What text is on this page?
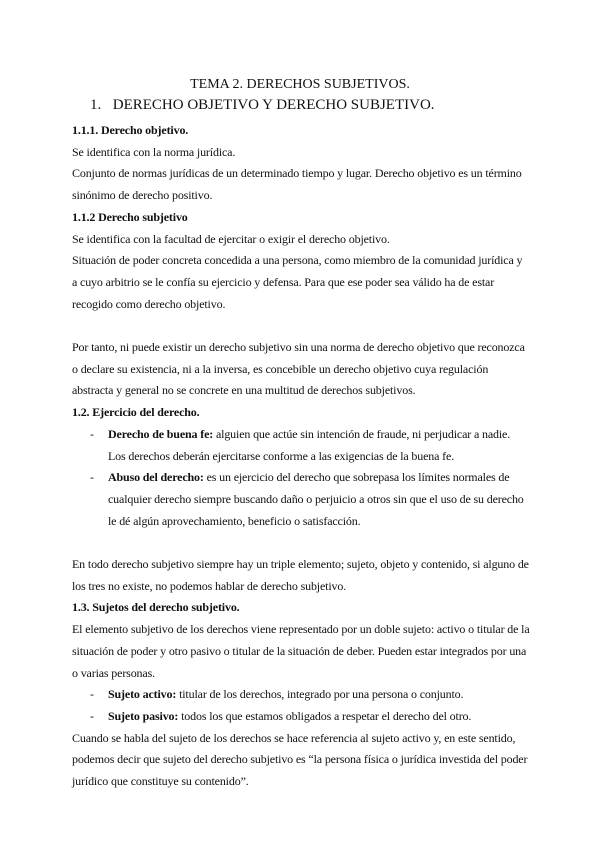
TEMA 2. DERECHOS SUBJETIVOS.
1. DERECHO OBJETIVO Y DERECHO SUBJETIVO.

1.1.1. Derecho objetivo.

Se identifica con la norma jurídica.

Conjunto de normas jurídicas de un determinado tiempo y lugar. Derecho objetivo es un término sinónimo de derecho positivo.

1.1.2 Derecho subjetivo

Se identifica con la facultad de ejercitar o exigir el derecho objetivo.

Situación de poder concreta concedida a una persona, como miembro de la comunidad jurídica y a cuyo arbitrio se le confía su ejercicio y defensa. Para que ese poder sea válido ha de estar recogido como derecho objetivo.

Por tanto, ni puede existir un derecho subjetivo sin una norma de derecho objetivo que reconozca o declare su existencia, ni a la inversa, es concebible un derecho objetivo cuya regulación abstracta y general no se concrete en una multitud de derechos subjetivos.

1.2. Ejercicio del derecho.

- Derecho de buena fe: alguien que actúe sin intención de fraude, ni perjudicar a nadie. Los derechos deberán ejercitarse conforme a las exigencias de la buena fe.
- Abuso del derecho: es un ejercicio del derecho que sobrepasa los límites normales de cualquier derecho siempre buscando daño o perjuicio a otros sin que el uso de su derecho le dé algún aprovechamiento, beneficio o satisfacción.

En todo derecho subjetivo siempre hay un triple elemento; sujeto, objeto y contenido, si alguno de los tres no existe, no podemos hablar de derecho subjetivo.

1.3. Sujetos del derecho subjetivo.

El elemento subjetivo de los derechos viene representado por un doble sujeto: activo o titular de la situación de poder y otro pasivo o titular de la situación de deber. Pueden estar integrados por una o varias personas.

- Sujeto activo: titular de los derechos, integrado por una persona o conjunto.
- Sujeto pasivo: todos los que estamos obligados a respetar el derecho del otro.

Cuando se habla del sujeto de los derechos se hace referencia al sujeto activo y, en este sentido, podemos decir que sujeto del derecho subjetivo es “la persona física o jurídica investida del poder jurídico que constituye su contenido”.
